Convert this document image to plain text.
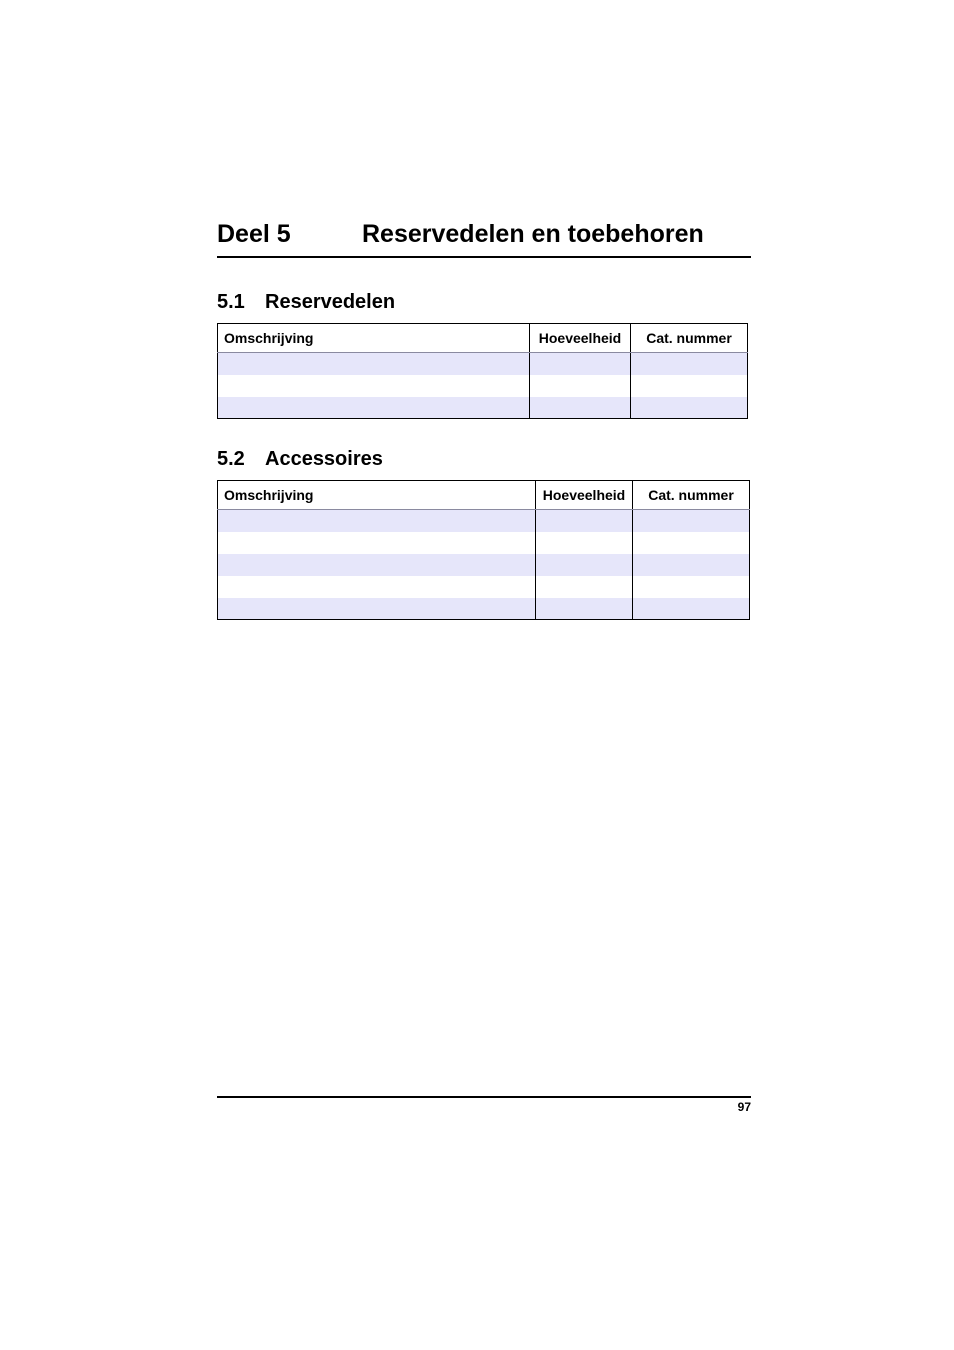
Deel 5	Reservedelen en toebehoren
5.1 Reservedelen
Omschrijving	Hoeveelheid	Cat. nummer

5.2 Accessoires
Omschrijving	Hoeveelheid	Cat. nummer

97
